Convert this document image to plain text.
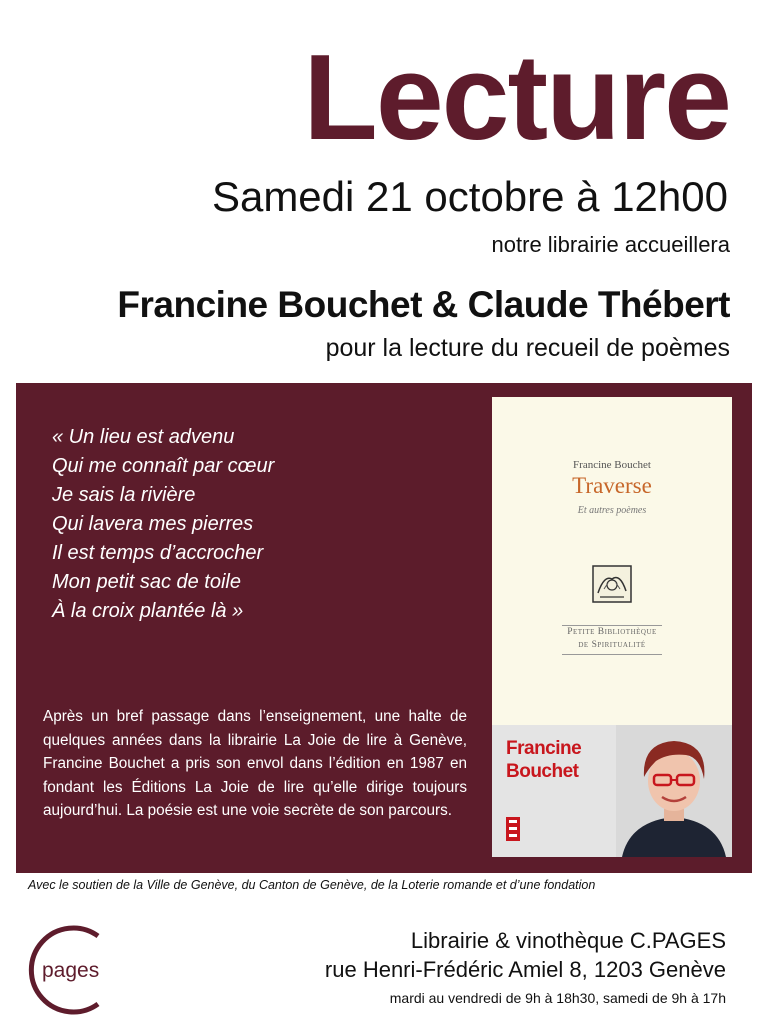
Lecture
Samedi 21 octobre à 12h00
notre librairie accueillera
Francine Bouchet & Claude Thébert
pour la lecture du recueil de poèmes
« Un lieu est advenu
Qui me connaît par cœur
Je sais la rivière
Qui lavera mes pierres
Il est temps d’accrocher
Mon petit sac de toile
À la croix plantée là »

Après un bref passage dans l’enseignement, une halte de quelques années dans la librairie La Joie de lire à Genève, Francine Bouchet a pris son envol dans l’édition en 1987 en fondant les Éditions La Joie de lire qu’elle dirige toujours aujourd’hui. La poésie est une voie secrète de son parcours.

Francine Bouchet
Traverse
Et autres poèmes
Petite Bibliothèque
de Spiritualité
Francine
Bouchet
Avec le soutien de la Ville de Genève, du Canton de Genève, de la Loterie romande et d’une fondation
pages
Librairie & vinothèque C.PAGES
rue Henri-Frédéric Amiel 8, 1203 Genève
mardi au vendredi de 9h à 18h30, samedi de 9h à 17h
